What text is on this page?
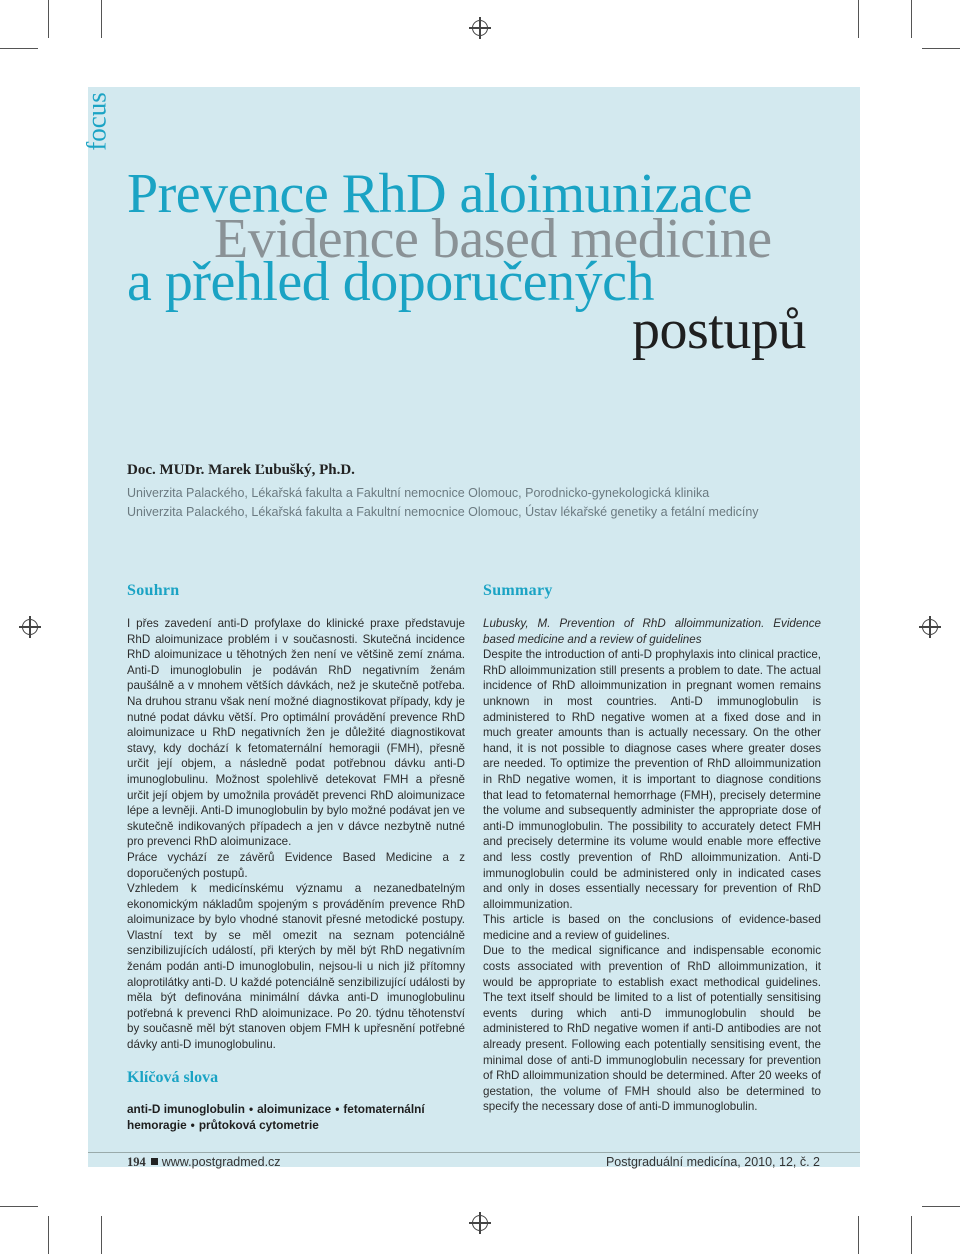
focus
Prevence RhD aloimunizace
Evidence based medicine
a přehled doporučených
postupů
Doc. MUDr. Marek Ľubušký, Ph.D.
Univerzita Palackého, Lékařská fakulta a Fakultní nemocnice Olomouc, Porodnicko-gynekologická klinika
Univerzita Palackého, Lékařská fakulta a Fakultní nemocnice Olomouc, Ústav lékařské genetiky a fetální medicíny
Souhrn

I přes zavedení anti-D profylaxe do klinické praxe představuje RhD aloimunizace problém i v současnosti. Skutečná incidence RhD aloimunizace u těhotných žen není ve většině zemí známa. Anti-D imunoglobulin je podáván RhD negativním ženám paušálně a v mnohem větších dávkách, než je skutečně potřeba. Na druhou stranu však není možné diagnostikovat případy, kdy je nutné podat dávku větší. Pro optimální provádění prevence RhD aloimunizace u RhD negativních žen je důležité diagnostikovat stavy, kdy dochází k fetomaternální hemoragii (FMH), přesně určit její objem, a následně podat potřebnou dávku anti-D imunoglobulinu. Možnost spolehlivě detekovat FMH a přesně určit její objem by umožnila provádět prevenci RhD aloimunizace lépe a levněji. Anti-D imunoglobulin by bylo možné podávat jen ve skutečně indikovaných případech a jen v dávce nezbytně nutné pro prevenci RhD aloimunizace.

Práce vychází ze závěrů Evidence Based Medicine a z doporučených postupů.

Vzhledem k medicínskému významu a nezanedbatelným ekonomickým nákladům spojeným s prováděním prevence RhD aloimunizace by bylo vhodné stanovit přesné metodické postupy. Vlastní text by se měl omezit na seznam potenciálně senzibilizujících událostí, při kterých by měl být RhD negativním ženám podán anti-D imunoglobulin, nejsou-li u nich již přítomny aloprotilátky anti-D. U každé potenciálně senzibilizující události by měla být definována minimální dávka anti-D imunoglobulinu potřebná k prevenci RhD aloimunizace. Po 20. týdnu těhotenství by současně měl být stanoven objem FMH k upřesnění potřebné dávky anti-D imunoglobulinu.

Klíčová slova
anti-D imunoglobulin • aloimunizace • fetomaternální hemoragie • průtoková cytometrie
Summary

Lubusky, M. Prevention of RhD alloimmunization. Evidence based medicine and a review of guidelines

Despite the introduction of anti-D prophylaxis into clinical practice, RhD alloimmunization still presents a problem to date. The actual incidence of RhD alloimmunization in pregnant women remains unknown in most countries. Anti-D immunoglobulin is administered to RhD negative women at a fixed dose and in much greater amounts than is actually necessary. On the other hand, it is not possible to diagnose cases where greater doses are needed. To optimize the prevention of RhD alloimmunization in RhD negative women, it is important to diagnose conditions that lead to fetomaternal hemorrhage (FMH), precisely determine the volume and subsequently administer the appropriate dose of anti-D immunoglobulin. The possibility to accurately detect FMH and precisely determine its volume would enable more effective and less costly prevention of RhD alloimmunization. Anti-D immunoglobulin could be administered only in indicated cases and only in doses essentially necessary for prevention of RhD alloimmunization.

This article is based on the conclusions of evidence-based medicine and a review of guidelines.

Due to the medical significance and indispensable economic costs associated with prevention of RhD alloimmunization, it would be appropriate to establish exact methodical guidelines. The text itself should be limited to a list of potentially sensitising events during which anti-D immunoglobulin should be administered to RhD negative women if anti-D antibodies are not already present. Following each potentially sensitising event, the minimal dose of anti-D immunoglobulin necessary for prevention of RhD alloimmunization should be determined. After 20 weeks of gestation, the volume of FMH should also be determined to specify the necessary dose of anti-D immunoglobulin.

194 www.postgradmed.cz	Postgraduální medicína, 2010, 12, č. 2
